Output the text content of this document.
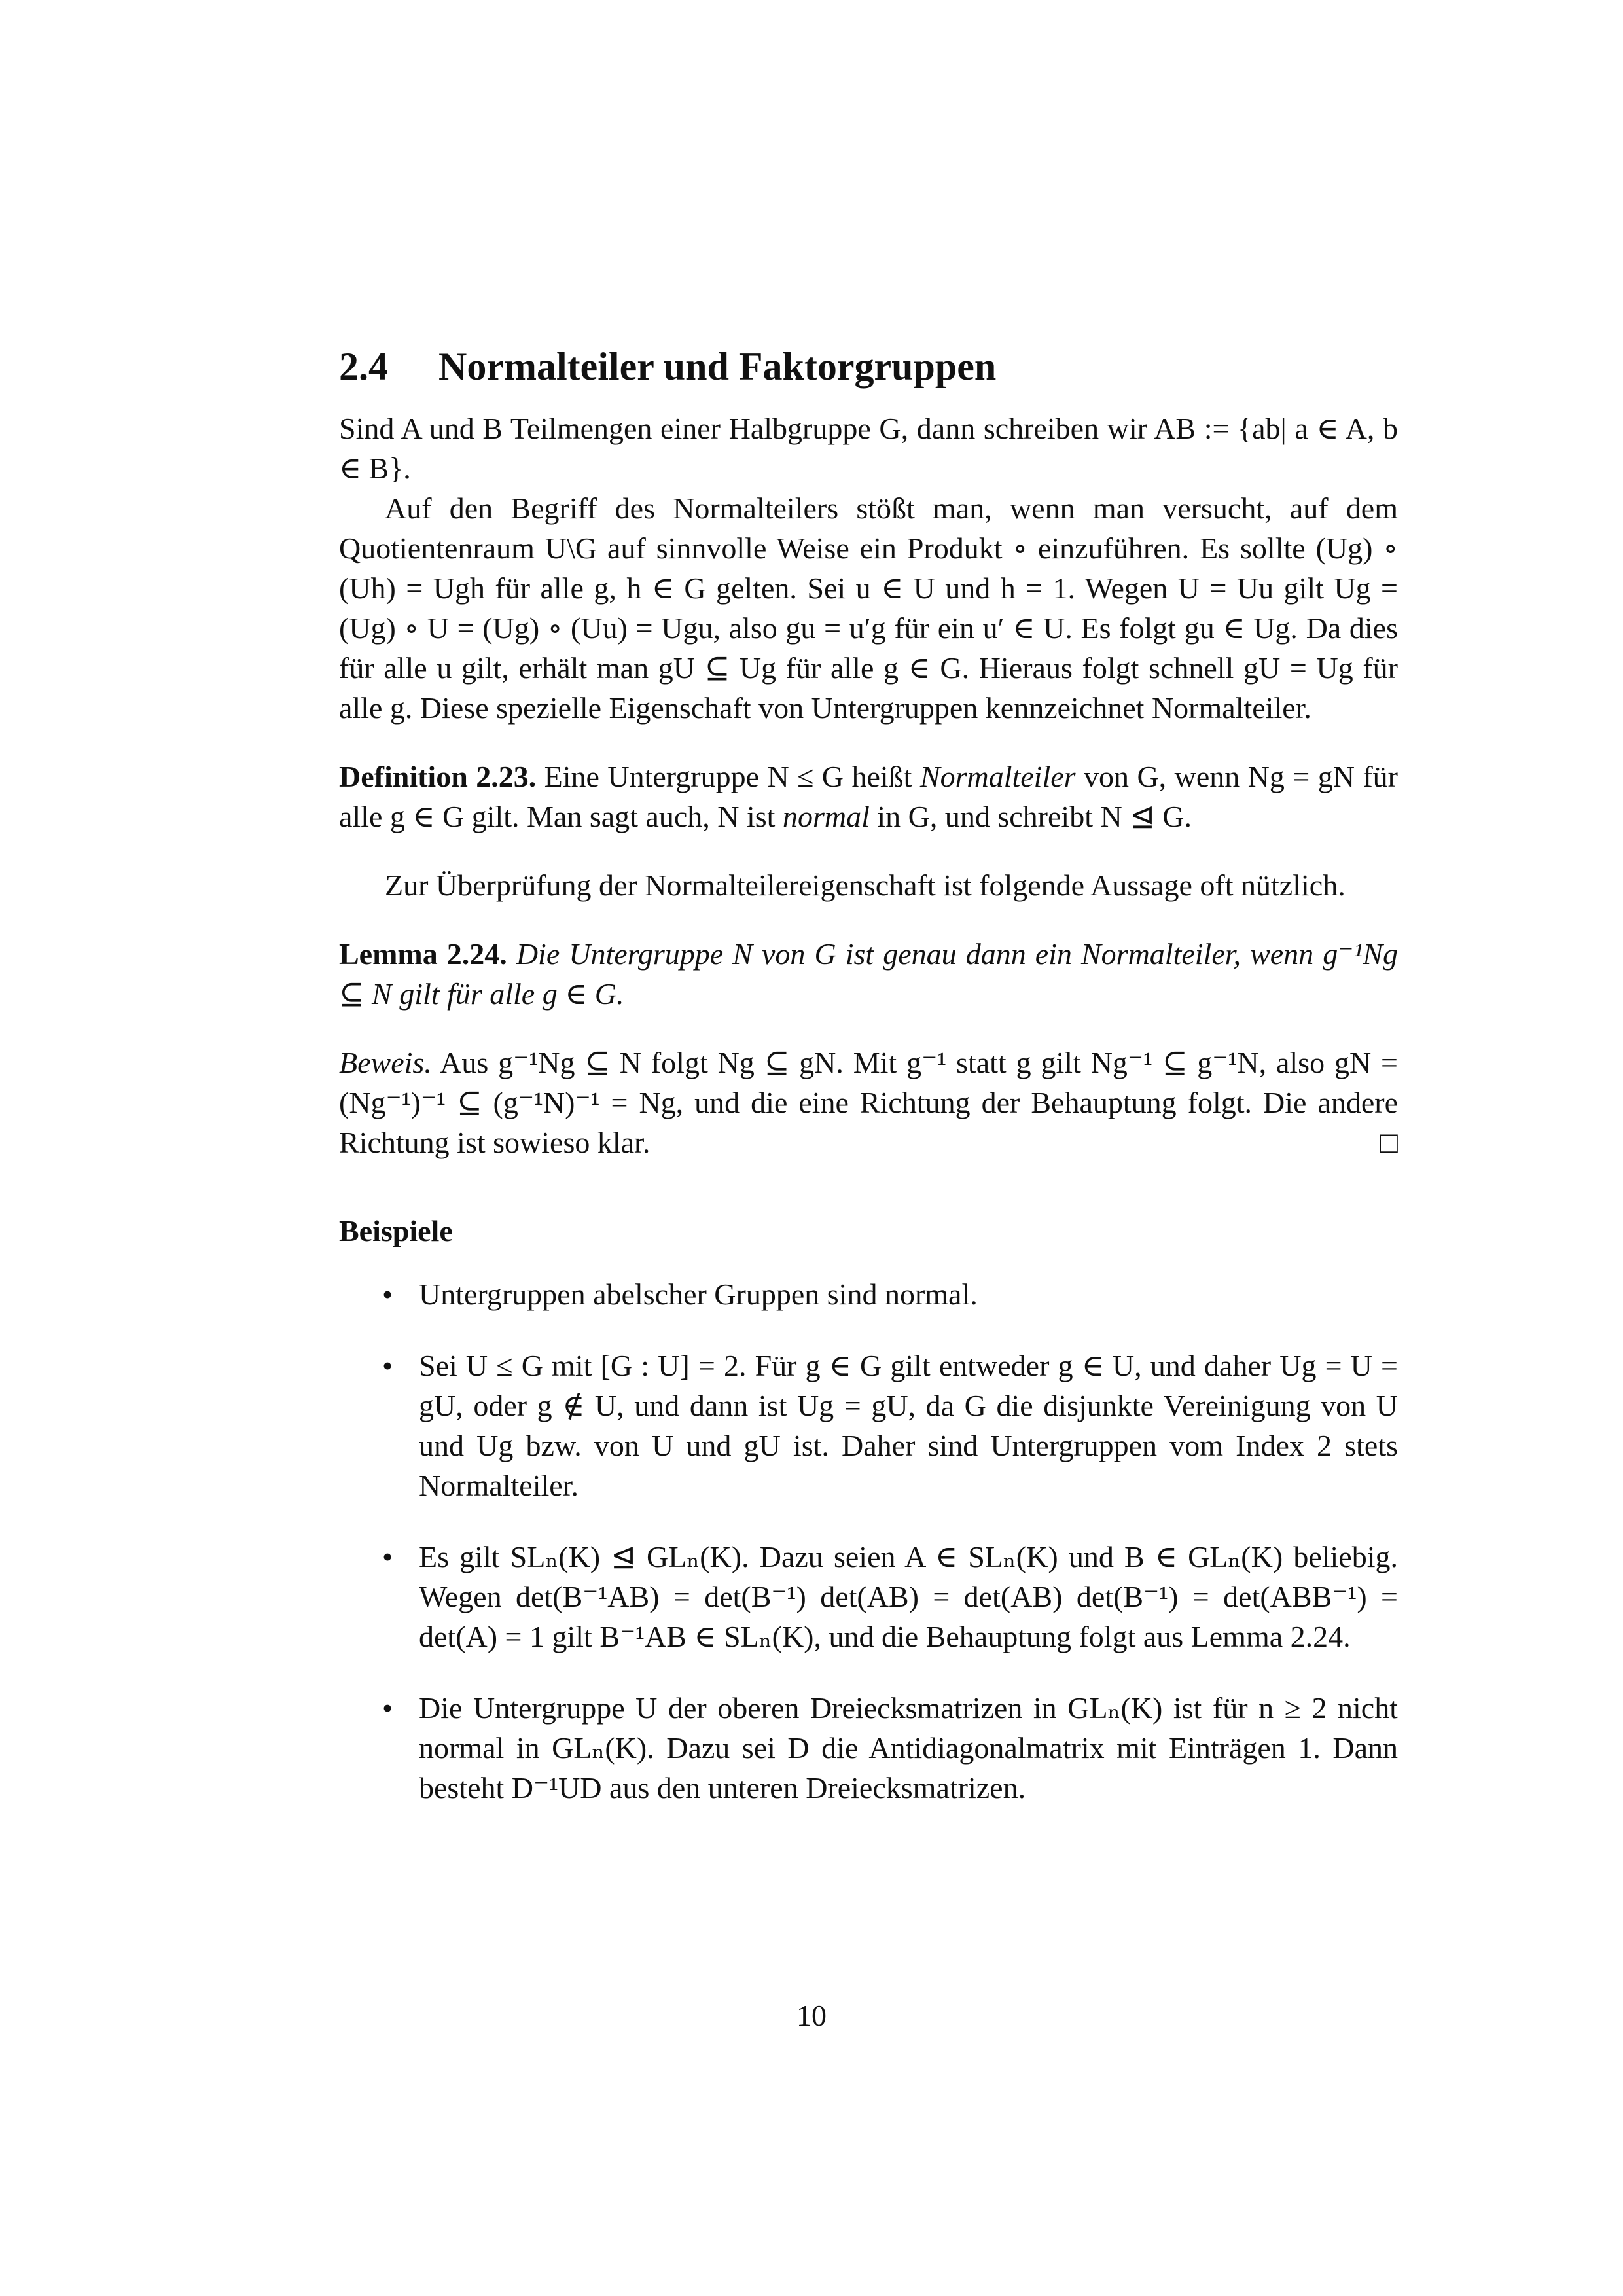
2.4 Normalteiler und Faktorgruppen

Sind A und B Teilmengen einer Halbgruppe G, dann schreiben wir AB := {ab| a ∈ A, b ∈ B}.

Auf den Begriff des Normalteilers stößt man, wenn man versucht, auf dem Quotientenraum U\G auf sinnvolle Weise ein Produkt ∘ einzuführen. Es sollte (Ug) ∘ (Uh) = Ugh für alle g, h ∈ G gelten. Sei u ∈ U und h = 1. Wegen U = Uu gilt Ug = (Ug) ∘ U = (Ug) ∘ (Uu) = Ugu, also gu = u′g für ein u′ ∈ U. Es folgt gu ∈ Ug. Da dies für alle u gilt, erhält man gU ⊆ Ug für alle g ∈ G. Hieraus folgt schnell gU = Ug für alle g. Diese spezielle Eigenschaft von Untergruppen kennzeichnet Normalteiler.

Definition 2.23. Eine Untergruppe N ≤ G heißt Normalteiler von G, wenn Ng = gN für alle g ∈ G gilt. Man sagt auch, N ist normal in G, und schreibt N ⊴ G.

Zur Überprüfung der Normalteilereigenschaft ist folgende Aussage oft nützlich.

Lemma 2.24. Die Untergruppe N von G ist genau dann ein Normalteiler, wenn g⁻¹Ng ⊆ N gilt für alle g ∈ G.

Beweis. Aus g⁻¹Ng ⊆ N folgt Ng ⊆ gN. Mit g⁻¹ statt g gilt Ng⁻¹ ⊆ g⁻¹N, also gN = (Ng⁻¹)⁻¹ ⊆ (g⁻¹N)⁻¹ = Ng, und die eine Richtung der Behauptung folgt. Die andere Richtung ist sowieso klar.	□

Beispiele
• Untergruppen abelscher Gruppen sind normal.
• Sei U ≤ G mit [G : U] = 2. Für g ∈ G gilt entweder g ∈ U, und daher Ug = U = gU, oder g ∉ U, und dann ist Ug = gU, da G die disjunkte Vereinigung von U und Ug bzw. von U und gU ist. Daher sind Untergruppen vom Index 2 stets Normalteiler.
• Es gilt SLₙ(K) ⊴ GLₙ(K). Dazu seien A ∈ SLₙ(K) und B ∈ GLₙ(K) beliebig. Wegen det(B⁻¹AB) = det(B⁻¹) det(AB) = det(AB) det(B⁻¹) = det(ABB⁻¹) = det(A) = 1 gilt B⁻¹AB ∈ SLₙ(K), und die Behauptung folgt aus Lemma 2.24.
• Die Untergruppe U der oberen Dreiecksmatrizen in GLₙ(K) ist für n ≥ 2 nicht normal in GLₙ(K). Dazu sei D die Antidiagonalmatrix mit Einträgen 1. Dann besteht D⁻¹UD aus den unteren Dreiecksmatrizen.
10
